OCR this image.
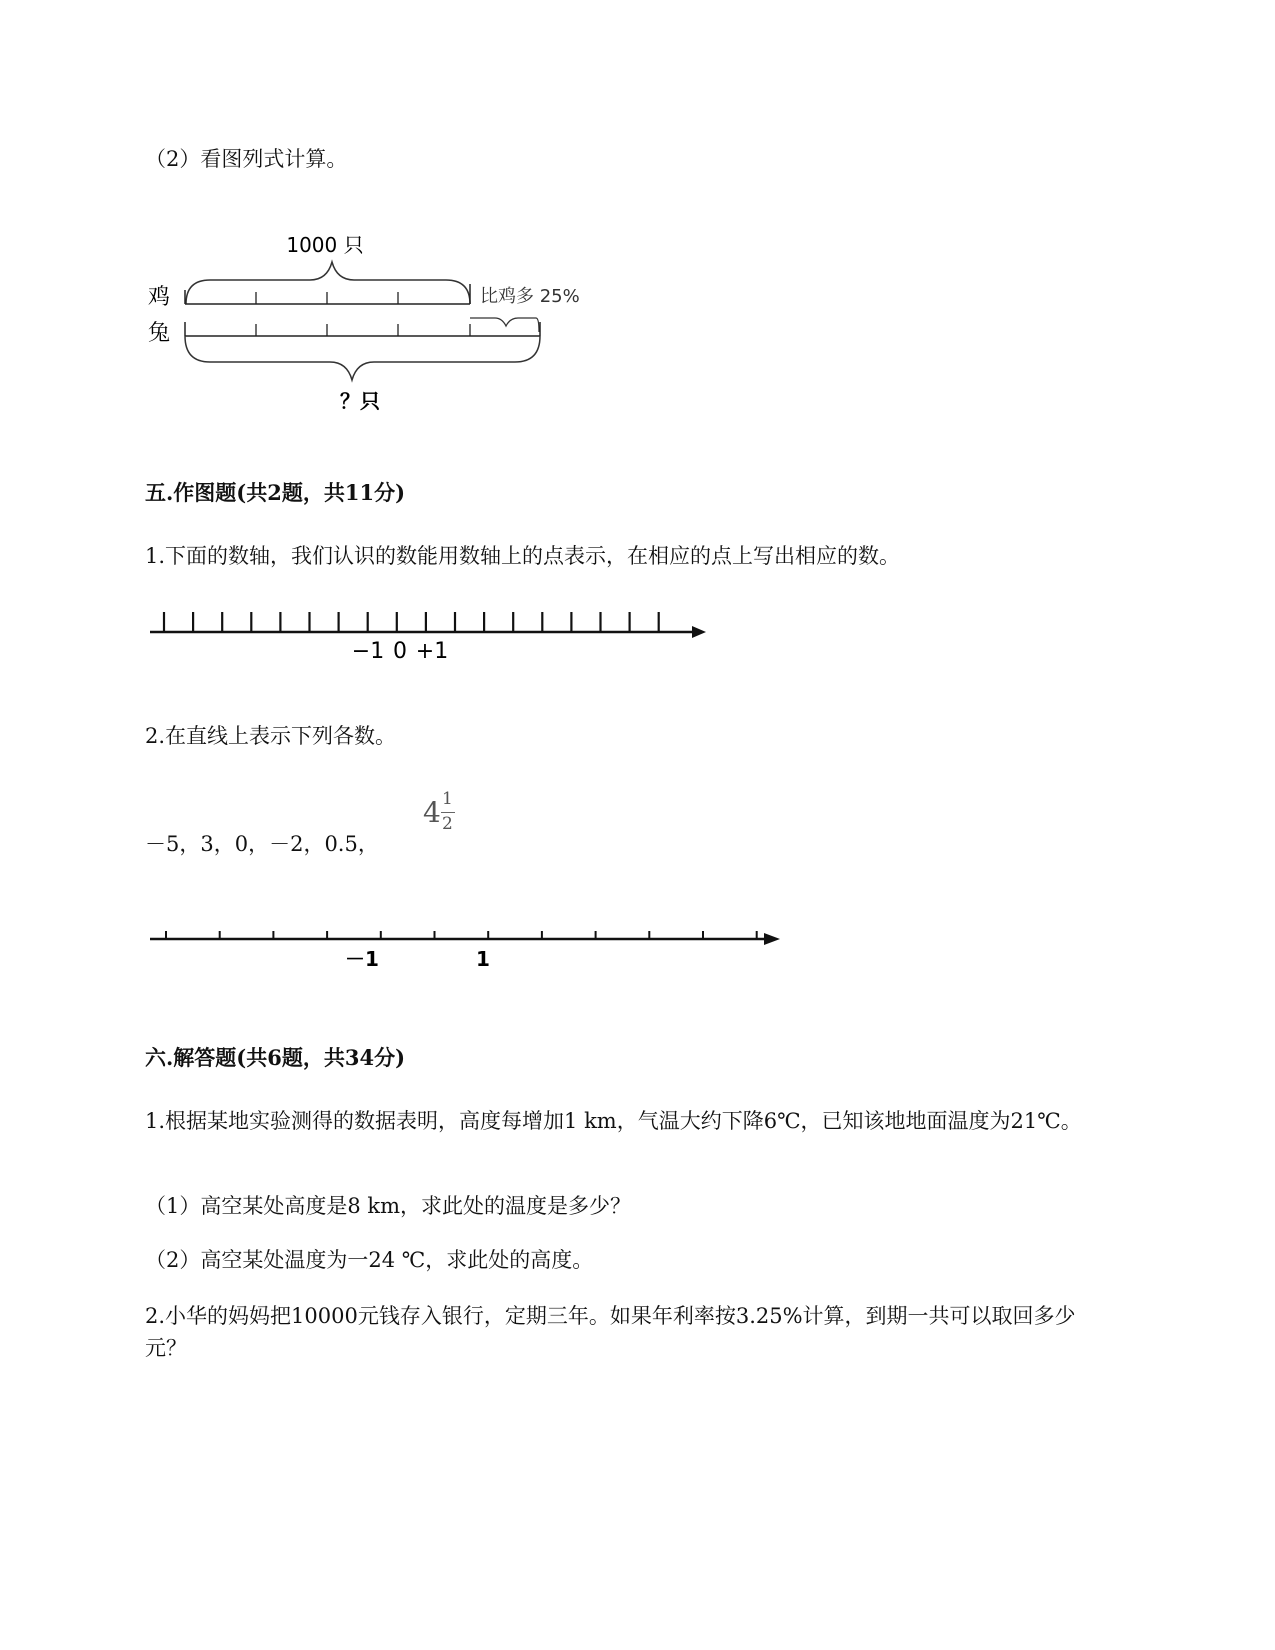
（2）看图列式计算。
1000 只
鸡	比鸡多 25%
兔
？只
五.作图题(共2题，共11分)
1.下面的数轴，我们认识的数能用数轴上的点表示，在相应的点上写出相应的数。
−1 0 +1
2.在直线上表示下列各数。
－5，3，0，－2，0.5，
4 1
2
－1	1
六.解答题(共6题，共34分)
1.根据某地实验测得的数据表明，高度每增加1 km，气温大约下降6℃，已知该地地面温度为21℃。
（1）高空某处高度是8 km，求此处的温度是多少？
（2）高空某处温度为一24 ℃，求此处的高度。
2.小华的妈妈把10000元钱存入银行，定期三年。如果年利率按3.25%计算，到期一共可以取回多少元？
